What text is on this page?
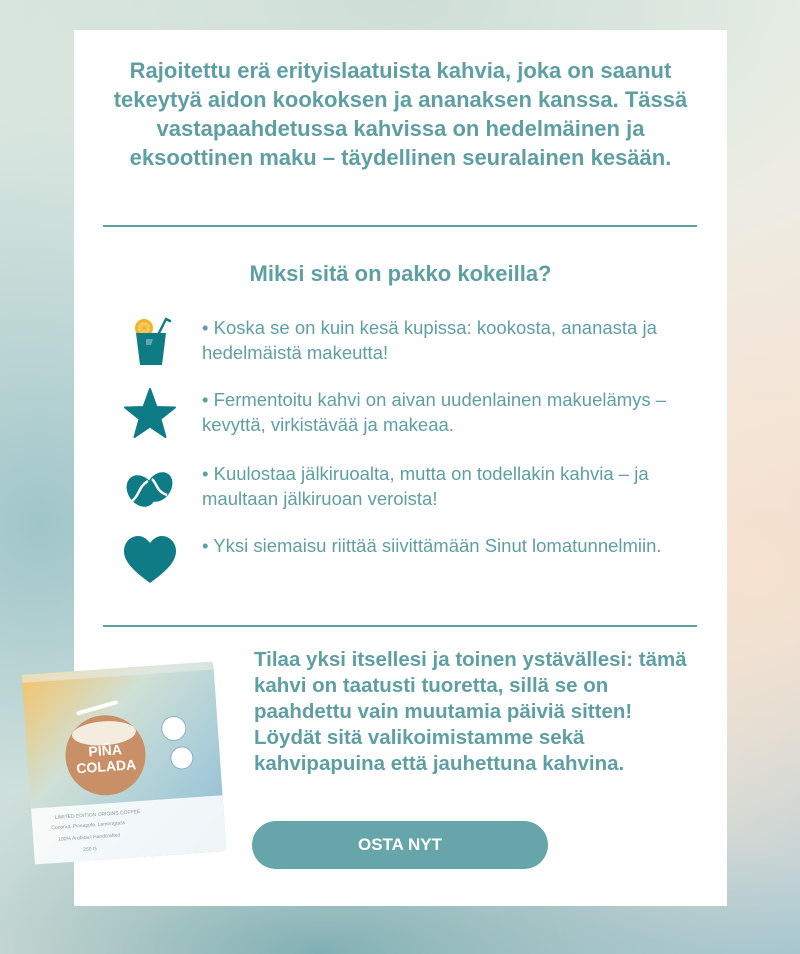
Rajoitettu erä erityislaatuista kahvia, joka on saanut tekeytyä aidon kookoksen ja ananaksen kanssa. Tässä vastapaahdetussa kahvissa on hedelmäinen ja eksoottinen maku – täydellinen seuralainen kesään.

Miksi sitä on pakko kokeilla?
• Koska se on kuin kesä kupissa: kookosta, ananasta ja hedelmäistä makeutta!
• Fermentoitu kahvi on aivan uudenlainen makuelämys – kevyttä, virkistävää ja makeaa.
• Kuulostaa jälkiruoalta, mutta on todellakin kahvia – ja maultaan jälkiruoan veroista!
• Yksi siemaisu riittää siivittämään Sinut lomatunnelmiin.

Tilaa yksi itsellesi ja toinen ystävällesi: tämä kahvi on taatusti tuoretta, sillä se on paahdettu vain muutamia päiviä sitten! Löydät sitä valikoimistamme sekä kahvipapuina että jauhettuna kahvina.

OSTA NYT
PIÑA
COLADA
LIMITED EDITION ORIGINS COFFEE
Coconut, Pineapple, Lemongrass
100% Arabica | Handcrafted
250 G
